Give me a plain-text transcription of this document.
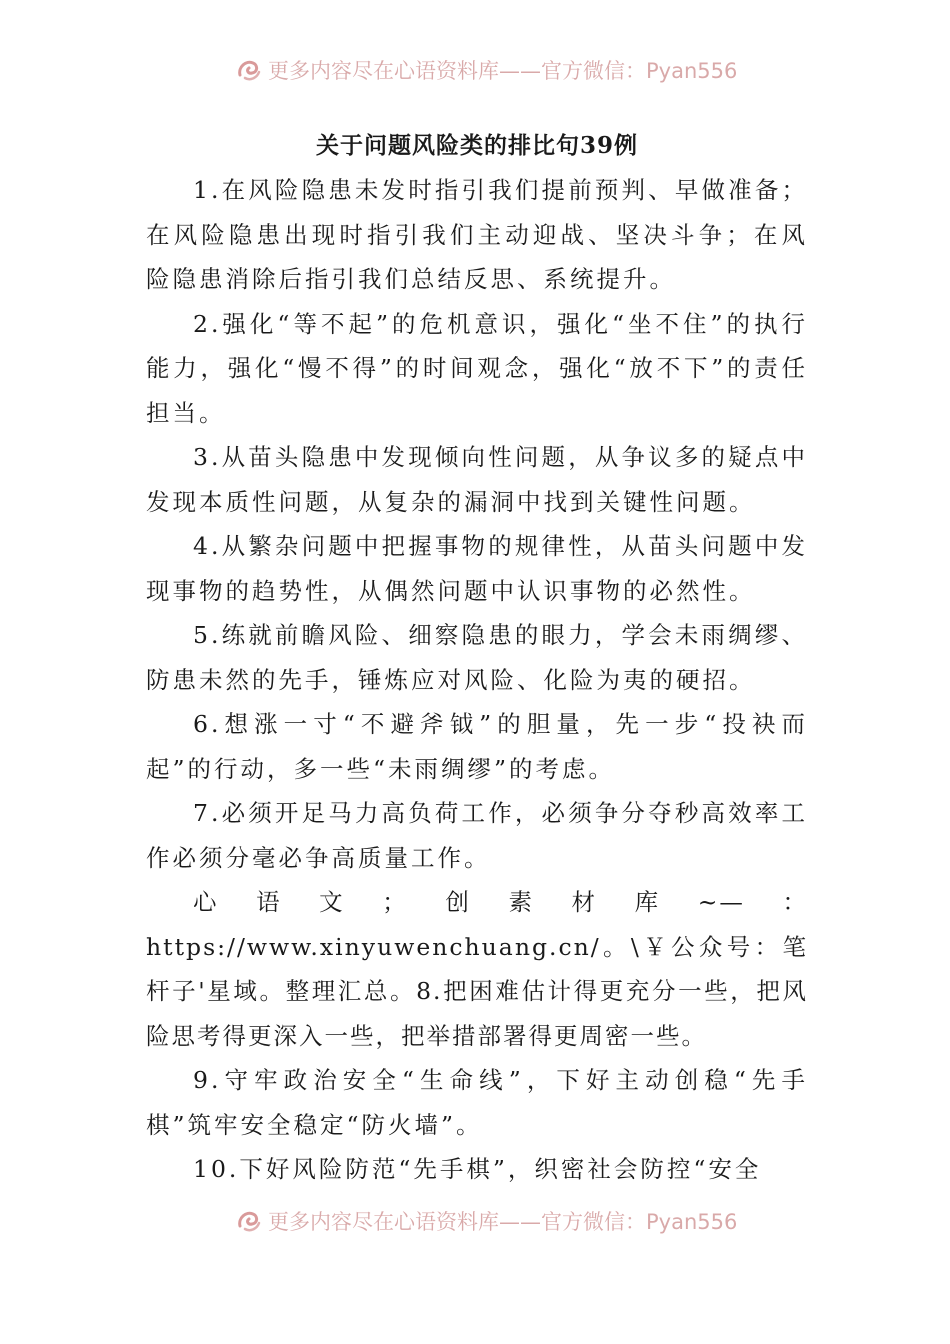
更多内容尽在心语资料库——官方微信：Pyan556
关于问题风险类的排比句39例

1.在风险隐患未发时指引我们提前预判、早做准备；在风险隐患出现时指引我们主动迎战、坚决斗争；在风险隐患消除后指引我们总结反思、系统提升。

2.强化“等不起”的危机意识，强化“坐不住”的执行能力，强化“慢不得”的时间观念，强化“放不下”的责任担当。

3.从苗头隐患中发现倾向性问题，从争议多的疑点中发现本质性问题，从复杂的漏洞中找到关键性问题。

4.从繁杂问题中把握事物的规律性，从苗头问题中发现事物的趋势性，从偶然问题中认识事物的必然性。

5.练就前瞻风险、细察隐患的眼力，学会未雨绸缪、防患未然的先手，锤炼应对风险、化险为夷的硬招。

6.想涨一寸“不避斧钺”的胆量，先一步“投袂而起”的行动，多一些“未雨绸缪”的考虑。

7.必须开足马力高负荷工作，必须争分夺秒高效率工作必须分毫必争高质量工作。

心语文；创素材库~—：https://www.xinyuwenchuang.cn/。\￥公众号：笔杆子'星域。整理汇总。8.把困难估计得更充分一些，把风险思考得更深入一些，把举措部署得更周密一些。

9.守牢政治安全“生命线”，下好主动创稳“先手棋”筑牢安全稳定“防火墙”。

10.下好风险防范“先手棋”，织密社会防控“安全

更多内容尽在心语资料库——官方微信：Pyan556
